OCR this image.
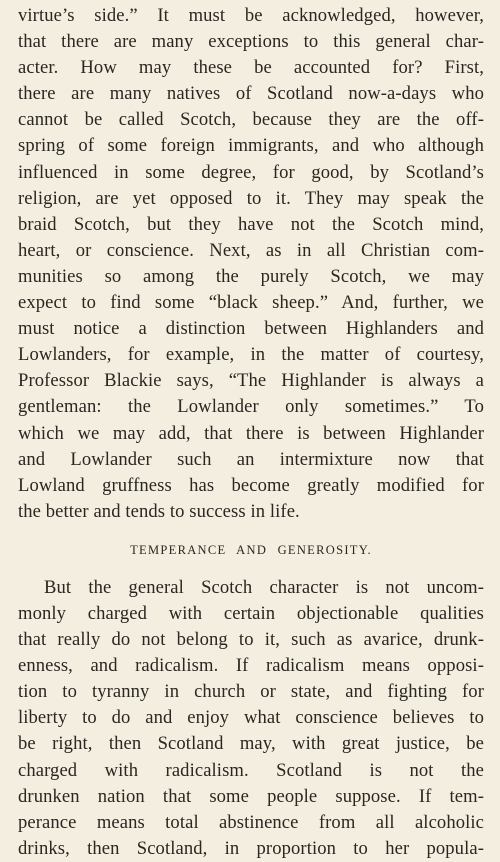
virtue’s side.” It must be acknowledged, however,
that there are many exceptions to this general char-
acter. How may these be accounted for? First,
there are many natives of Scotland now-a-days who
cannot be called Scotch, because they are the off-
spring of some foreign immigrants, and who although
influenced in some degree, for good, by Scotland’s
religion, are yet opposed to it. They may speak the
braid Scotch, but they have not the Scotch mind,
heart, or conscience. Next, as in all Christian com-
munities so among the purely Scotch, we may
expect to find some “black sheep.” And, further, we
must notice a distinction between Highlanders and
Lowlanders, for example, in the matter of courtesy,
Professor Blackie says, “The Highlander is always a
gentleman: the Lowlander only sometimes.” To
which we may add, that there is between Highlander
and Lowlander such an intermixture now that
Lowland gruffness has become greatly modified for
the better and tends to success in life.
TEMPERANCE AND GENEROSITY.
But the general Scotch character is not uncom-
monly charged with certain objectionable qualities
that really do not belong to it, such as avarice, drunk-
enness, and radicalism. If radicalism means opposi-
tion to tyranny in church or state, and fighting for
liberty to do and enjoy what conscience believes to
be right, then Scotland may, with great justice, be
charged with radicalism. Scotland is not the
drunken nation that some people suppose. If tem-
perance means total abstinence from all alcoholic
drinks, then Scotland, in proportion to her popula-
